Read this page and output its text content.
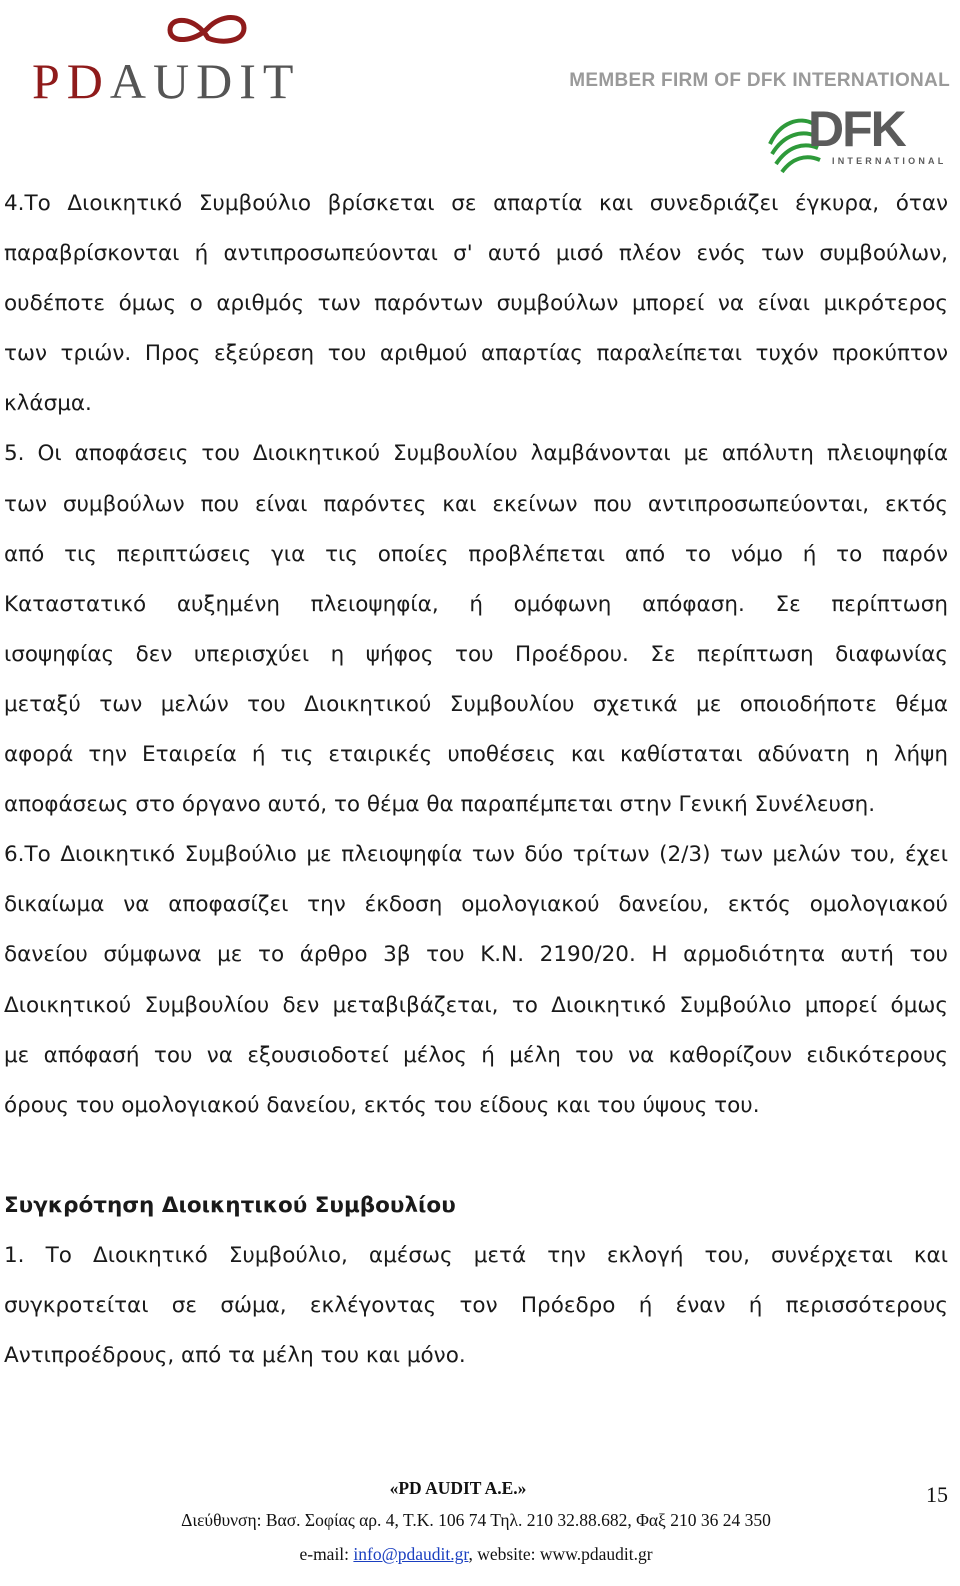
PDAUDIT	MEMBER FIRM OF DFK INTERNATIONAL
DFK
INTERNATIONAL

4.Το Διοικητικό Συμβούλιο βρίσκεται σε απαρτία και συνεδριάζει έγκυρα, όταν

παραβρίσκονται ή αντιπροσωπεύονται σ' αυτό μισό πλέον ενός των συμβούλων,

ουδέποτε όμως ο αριθμός των παρόντων συμβούλων μπορεί να είναι μικρότερος

των τριών. Προς εξεύρεση του αριθμού απαρτίας παραλείπεται τυχόν προκύπτον

κλάσμα.

5. Οι αποφάσεις του Διοικητικού Συμβουλίου λαμβάνονται με απόλυτη πλειοψηφία

των συμβούλων που είναι παρόντες και εκείνων που αντιπροσωπεύονται, εκτός

από τις περιπτώσεις για τις οποίες προβλέπεται από το νόμο ή το παρόν

Καταστατικό αυξημένη πλειοψηφία, ή ομόφωνη απόφαση. Σε περίπτωση

ισοψηφίας δεν υπερισχύει η ψήφος του Προέδρου. Σε περίπτωση διαφωνίας

μεταξύ των μελών του Διοικητικού Συμβουλίου σχετικά με οποιοδήποτε θέμα

αφορά την Εταιρεία ή τις εταιρικές υποθέσεις και καθίσταται αδύνατη η λήψη

αποφάσεως στο όργανο αυτό, το θέμα θα παραπέμπεται στην Γενική Συνέλευση.

6.Το Διοικητικό Συμβούλιο με πλειοψηφία των δύο τρίτων (2/3) των μελών του, έχει

δικαίωμα να αποφασίζει την έκδοση ομολογιακού δανείου, εκτός ομολογιακού

δανείου σύμφωνα με το άρθρο 3β του Κ.Ν. 2190/20. Η αρμοδιότητα αυτή του

Διοικητικού Συμβουλίου δεν μεταβιβάζεται, το Διοικητικό Συμβούλιο μπορεί όμως

με απόφασή του να εξουσιοδοτεί μέλος ή μέλη του να καθορίζουν ειδικότερους

όρους του ομολογιακού δανείου, εκτός του είδους και του ύψους του.

Συγκρότηση Διοικητικού Συμβουλίου

1. Το Διοικητικό Συμβούλιο, αμέσως μετά την εκλογή του, συνέρχεται και

συγκροτείται σε σώμα, εκλέγοντας τον Πρόεδρο ή έναν ή περισσότερους

Αντιπροέδρους, από τα μέλη του και μόνο.

«PD AUDIT A.E.»	15
Διεύθυνση: Βασ. Σοφίας αρ. 4, Τ.Κ. 106 74 Τηλ. 210 32.88.682, Φαξ 210 36 24 350
e-mail: info@pdaudit.gr, website: www.pdaudit.gr
